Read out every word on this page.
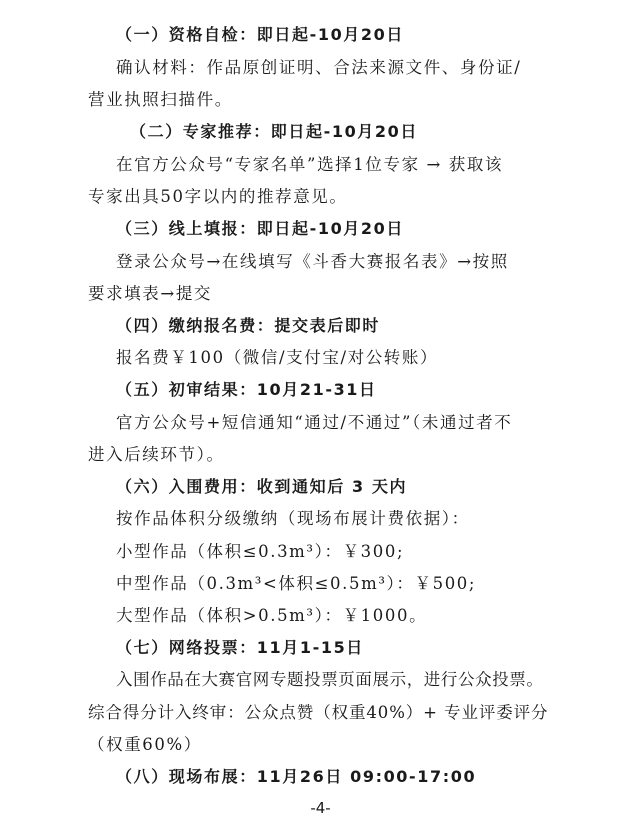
（一）资格自检：即日起-10月20日
确认材料：作品原创证明、合法来源文件、身份证/
营业执照扫描件。
（二）专家推荐：即日起-10月20日
在官方公众号“专家名单”选择1位专家 → 获取该
专家出具50字以内的推荐意见。
（三）线上填报：即日起-10月20日
登录公众号→在线填写《斗香大赛报名表》→按照
要求填表→提交
（四）缴纳报名费：提交表后即时
报名费￥100（微信/支付宝/对公转账）
（五）初审结果：10月21-31日
官方公众号+短信通知“通过/不通过”（未通过者不
进入后续环节）。
（六）入围费用：收到通知后 3 天内
按作品体积分级缴纳（现场布展计费依据）：
小型作品（体积≤0.3m³）：￥300;
中型作品（0.3m³<体积≤0.5m³）：￥500;
大型作品（体积>0.5m³）：￥1000。
（七）网络投票：11月1-15日
入围作品在大赛官网专题投票页面展示，进行公众投票。
综合得分计入终审：公众点赞（权重40%）+ 专业评委评分
（权重60%）
（八）现场布展：11月26日 09:00-17:00
-4-
